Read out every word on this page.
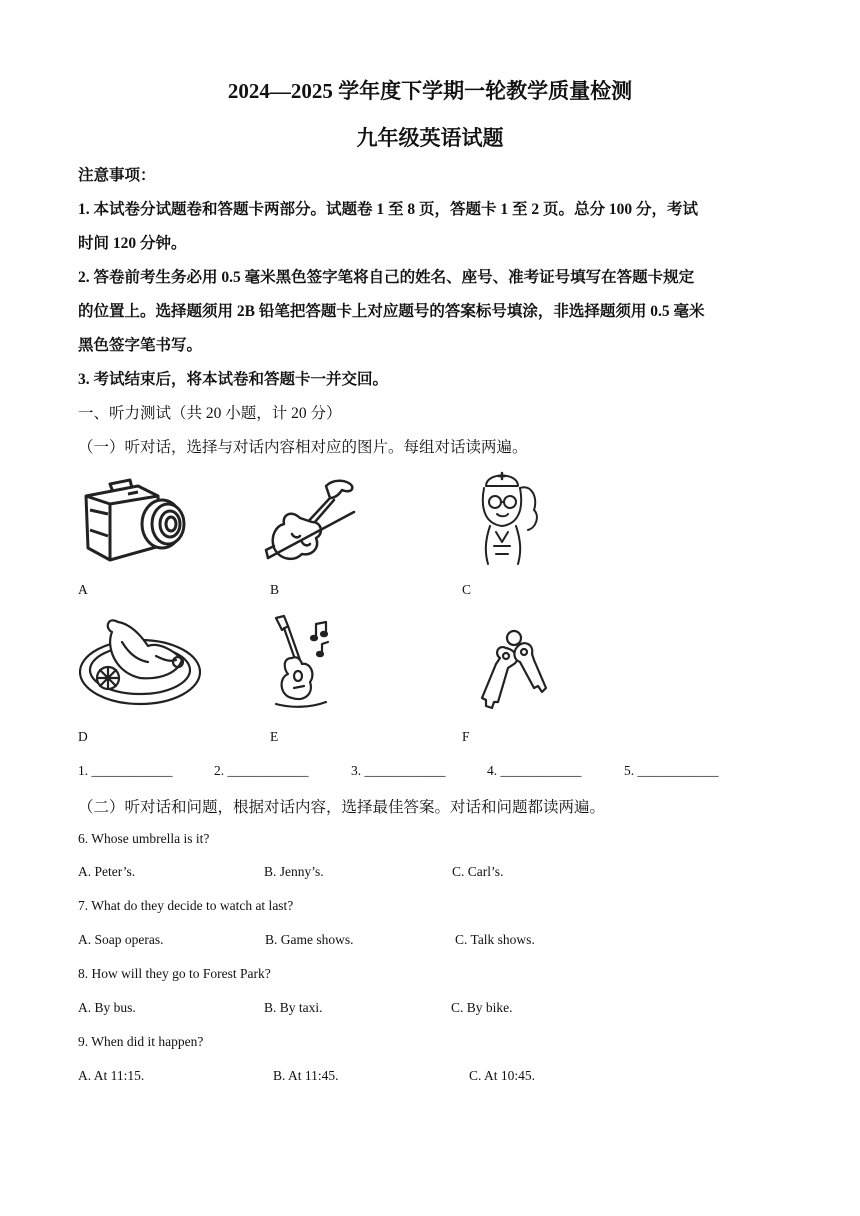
2024—2025 学年度下学期一轮教学质量检测
九年级英语试题
注意事项：
1. 本试卷分试题卷和答题卡两部分。试题卷 1 至 8 页，答题卡 1 至 2 页。总分 100 分，考试
时间 120 分钟。
2. 答卷前考生务必用 0.5 毫米黑色签字笔将自己的姓名、座号、准考证号填写在答题卡规定
的位置上。选择题须用 2B 铅笔把答题卡上对应题号的答案标号填涂，非选择题须用 0.5 毫米
黑色签字笔书写。
3. 考试结束后，将本试卷和答题卡一并交回。
一、听力测试（共 20 小题，计 20 分）
（一）听对话，选择与对话内容相对应的图片。每组对话读两遍。
A	B	C
D	E	F
1. ____________	2. ____________	3. ____________	4. ____________	5. ____________
（二）听对话和问题，根据对话内容，选择最佳答案。对话和问题都读两遍。
6. Whose umbrella is it?
A. Peter’s.	B. Jenny’s.	C. Carl’s.
7. What do they decide to watch at last?
A. Soap operas.	B. Game shows.	C. Talk shows.
8. How will they go to Forest Park?
A. By bus.	B. By taxi.	C. By bike.
9. When did it happen?
A. At 11:15.	B. At 11:45.	C. At 10:45.
